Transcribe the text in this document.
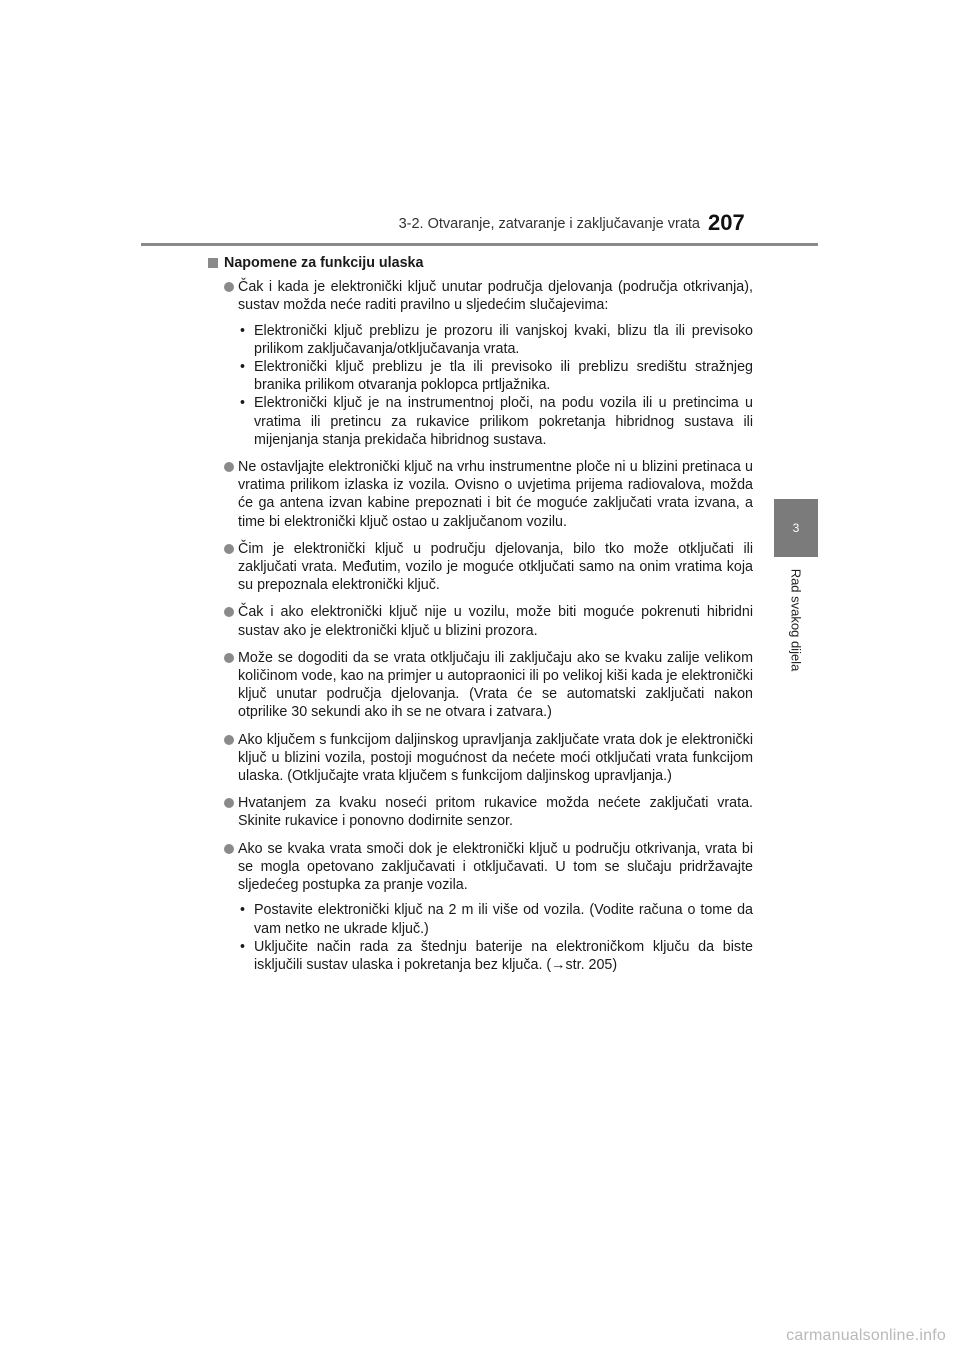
3-2. Otvaranje, zatvaranje i zaključavanje vrata 207
3
Rad svakog dijela
Napomene za funkciju ulaska
Čak i kada je elektronički ključ unutar područja djelovanja (područja otkrivanja), sustav možda neće raditi pravilno u sljedećim slučajevima:
• Elektronički ključ preblizu je prozoru ili vanjskoj kvaki, blizu tla ili previsoko prilikom zaključavanja/otključavanja vrata.
• Elektronički ključ preblizu je tla ili previsoko ili preblizu središtu stražnjeg branika prilikom otvaranja poklopca prtljažnika.
• Elektronički ključ je na instrumentnoj ploči, na podu vozila ili u pretincima u vratima ili pretincu za rukavice prilikom pokretanja hibridnog sustava ili mijenjanja stanja prekidača hibridnog sustava.
Ne ostavljajte elektronički ključ na vrhu instrumentne ploče ni u blizini pretinaca u vratima prilikom izlaska iz vozila. Ovisno o uvjetima prijema radiovalova, možda će ga antena izvan kabine prepoznati i bit će moguće zaključati vrata izvana, a time bi elektronički ključ ostao u zaključanom vozilu.
Čim je elektronički ključ u području djelovanja, bilo tko može otključati ili zaključati vrata. Međutim, vozilo je moguće otključati samo na onim vratima koja su prepoznala elektronički ključ.
Čak i ako elektronički ključ nije u vozilu, može biti moguće pokrenuti hibridni sustav ako je elektronički ključ u blizini prozora.
Može se dogoditi da se vrata otključaju ili zaključaju ako se kvaku zalije velikom količinom vode, kao na primjer u autopraonici ili po velikoj kiši kada je elektronički ključ unutar područja djelovanja. (Vrata će se automatski zaključati nakon otprilike 30 sekundi ako ih se ne otvara i zatvara.)
Ako ključem s funkcijom daljinskog upravljanja zaključate vrata dok je elektronički ključ u blizini vozila, postoji mogućnost da nećete moći otključati vrata funkcijom ulaska. (Otključajte vrata ključem s funkcijom daljinskog upravljanja.)
Hvatanjem za kvaku noseći pritom rukavice možda nećete zaključati vrata. Skinite rukavice i ponovno dodirnite senzor.
Ako se kvaka vrata smoči dok je elektronički ključ u području otkrivanja, vrata bi se mogla opetovano zaključavati i otključavati. U tom se slučaju pridržavajte sljedećeg postupka za pranje vozila.
• Postavite elektronički ključ na 2 m ili više od vozila. (Vodite računa o tome da vam netko ne ukrade ključ.)
• Uključite način rada za štednju baterije na elektroničkom ključu da biste isključili sustav ulaska i pokretanja bez ključa. (→str. 205)
carmanualsonline.info
